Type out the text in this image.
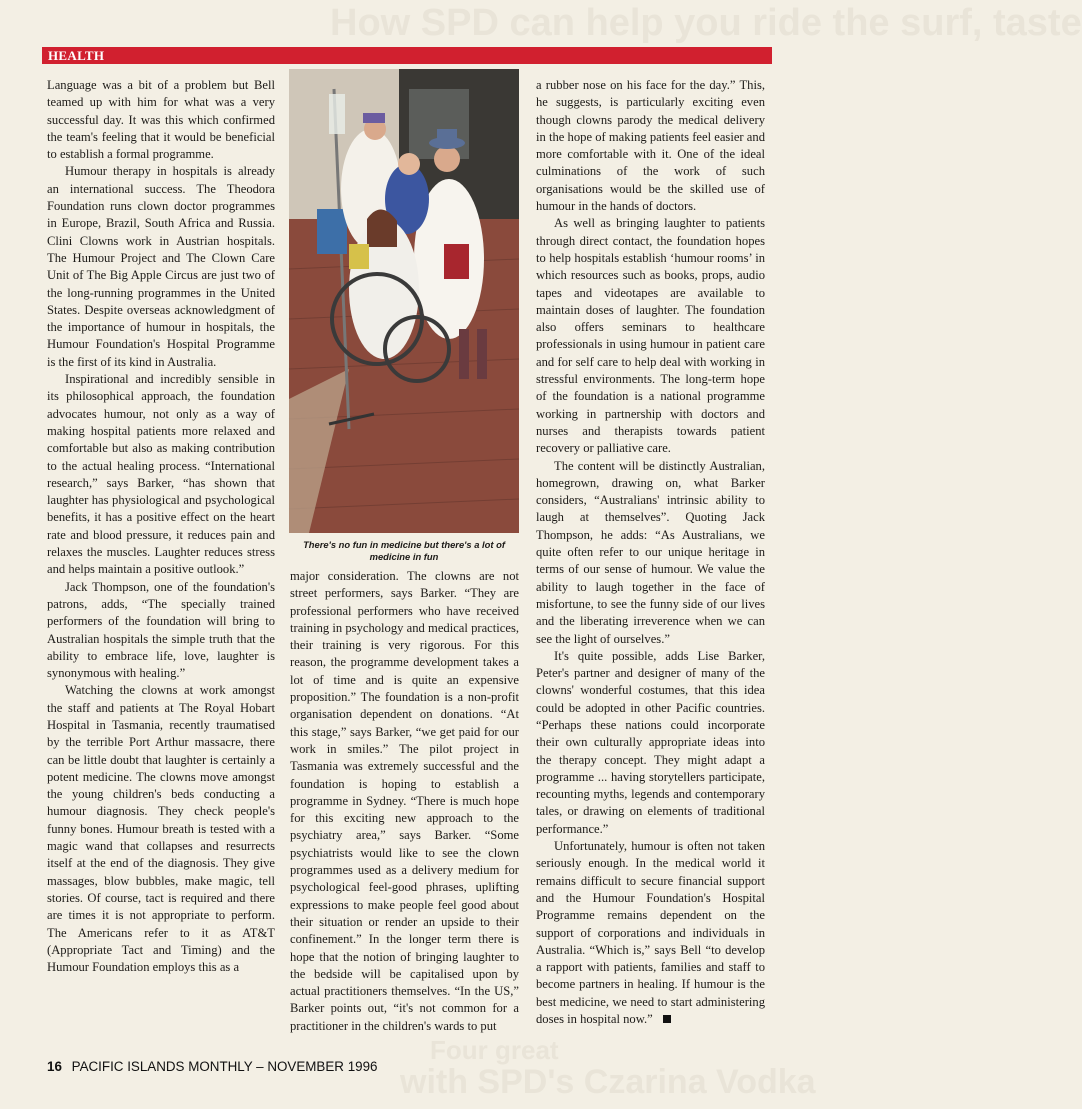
How SPD can help you ride the surf, taste
Four great
with SPD's Czarina Vodka
HEALTH

Language was a bit of a problem but Bell teamed up with him for what was a very successful day. It was this which confirmed the team's feeling that it would be beneficial to establish a formal programme.

Humour therapy in hospitals is already an international success. The Theodora Foundation runs clown doctor programmes in Europe, Brazil, South Africa and Russia. Clini Clowns work in Austrian hospitals. The Humour Project and The Clown Care Unit of The Big Apple Circus are just two of the long-running programmes in the United States. Despite overseas acknowledgment of the importance of humour in hospitals, the Humour Foundation's Hospital Programme is the first of its kind in Australia.

Inspirational and incredibly sensible in its philosophical approach, the foundation advocates humour, not only as a way of making hospital patients more relaxed and comfortable but also as making contribution to the actual healing process. “International research,” says Barker, “has shown that laughter has physiological and psychological benefits, it has a positive effect on the heart rate and blood pressure, it reduces pain and relaxes the muscles. Laughter reduces stress and helps maintain a positive outlook.”

Jack Thompson, one of the foundation's patrons, adds, “The specially trained performers of the foundation will bring to Australian hospitals the simple truth that the ability to embrace life, love, laughter is synonymous with healing.”

Watching the clowns at work amongst the staff and patients at The Royal Hobart Hospital in Tasmania, recently traumatised by the terrible Port Arthur massacre, there can be little doubt that laughter is certainly a potent medicine. The clowns move amongst the young children's beds conducting a humour diagnosis. They check people's funny bones. Humour breath is tested with a magic wand that collapses and resurrects itself at the end of the diagnosis. They give massages, blow bubbles, make magic, tell stories. Of course, tact is required and there are times it is not appropriate to perform. The Americans refer to it as AT&T (Appropriate Tact and Timing) and the Humour Foundation employs this as a

There's no fun in medicine but there's a lot of medicine in fun

major consideration. The clowns are not street performers, says Barker. “They are professional performers who have received training in psychology and medical practices, their training is very rigorous. For this reason, the programme development takes a lot of time and is quite an expensive proposition.” The foundation is a non-profit organisation dependent on donations. “At this stage,” says Barker, “we get paid for our work in smiles.” The pilot project in Tasmania was extremely successful and the foundation is hoping to establish a programme in Sydney. “There is much hope for this exciting new approach to the psychiatry area,” says Barker. “Some psychiatrists would like to see the clown programmes used as a delivery medium for psychological feel-good phrases, uplifting expressions to make people feel good about their situation or render an upside to their confinement.” In the longer term there is hope that the notion of bringing laughter to the bedside will be capitalised upon by actual practitioners themselves. “In the US,” Barker points out, “it's not common for a practitioner in the children's wards to put

a rubber nose on his face for the day.” This, he suggests, is particularly exciting even though clowns parody the medical delivery in the hope of making patients feel easier and more comfortable with it. One of the ideal culminations of the work of such organisations would be the skilled use of humour in the hands of doctors.

As well as bringing laughter to patients through direct contact, the foundation hopes to help hospitals establish ‘humour rooms’ in which resources such as books, props, audio tapes and videotapes are available to maintain doses of laughter. The foundation also offers seminars to healthcare professionals in using humour in patient care and for self care to help deal with working in stressful environments. The long-term hope of the foundation is a national programme working in partnership with doctors and nurses and therapists towards patient recovery or palliative care.

The content will be distinctly Australian, homegrown, drawing on, what Barker considers, “Australians' intrinsic ability to laugh at themselves”. Quoting Jack Thompson, he adds: “As Australians, we quite often refer to our unique heritage in terms of our sense of humour. We value the ability to laugh together in the face of misfortune, to see the funny side of our lives and the liberating irreverence when we can see the light of ourselves.”

It's quite possible, adds Lise Barker, Peter's partner and designer of many of the clowns' wonderful costumes, that this idea could be adopted in other Pacific countries. “Perhaps these nations could incorporate their own culturally appropriate ideas into the therapy concept. They might adapt a programme ... having storytellers participate, recounting myths, legends and contemporary tales, or drawing on elements of traditional performance.”

Unfortunately, humour is often not taken seriously enough. In the medical world it remains difficult to secure financial support and the Humour Foundation's Hospital Programme remains dependent on the support of corporations and individuals in Australia. “Which is,” says Bell “to develop a rapport with patients, families and staff to become partners in healing. If humour is the best medicine, we need to start administering doses in hospital now.”

16 PACIFIC ISLANDS MONTHLY – NOVEMBER 1996
